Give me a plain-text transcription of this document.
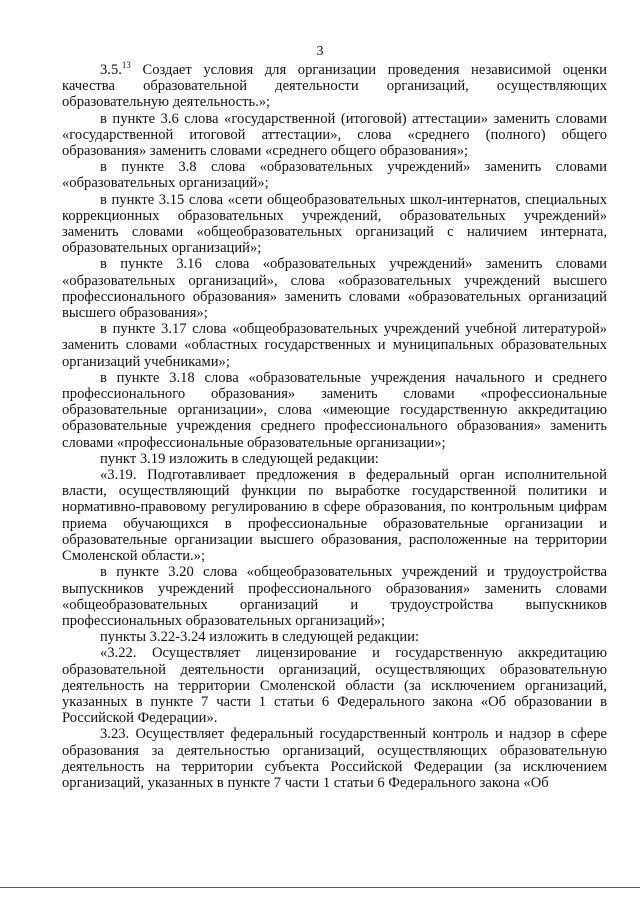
3

3.5.13 Создает условия для организации проведения независимой оценки качества образовательной деятельности организаций, осуществляющих образовательную деятельность.»;

в пункте 3.6 слова «государственной (итоговой) аттестации» заменить словами «государственной итоговой аттестации», слова «среднего (полного) общего образования» заменить словами «среднего общего образования»;

в пункте 3.8 слова «образовательных учреждений» заменить словами «образовательных организаций»;

в пункте 3.15 слова «сети общеобразовательных школ-интернатов, специальных коррекционных образовательных учреждений, образовательных учреждений» заменить словами «общеобразовательных организаций с наличием интерната, образовательных организаций»;

в пункте 3.16 слова «образовательных учреждений» заменить словами «образовательных организаций», слова «образовательных учреждений высшего профессионального образования» заменить словами «образовательных организаций высшего образования»;

в пункте 3.17 слова «общеобразовательных учреждений учебной литературой» заменить словами «областных государственных и муниципальных образовательных организаций учебниками»;

в пункте 3.18 слова «образовательные учреждения начального и среднего профессионального образования» заменить словами «профессиональные образовательные организации», слова «имеющие государственную аккредитацию образовательные учреждения среднего профессионального образования» заменить словами «профессиональные образовательные организации»;

пункт 3.19 изложить в следующей редакции:

«3.19. Подготавливает предложения в федеральный орган исполнительной власти, осуществляющий функции по выработке государственной политики и нормативно-правовому регулированию в сфере образования, по контрольным цифрам приема обучающихся в профессиональные образовательные организации и образовательные организации высшего образования, расположенные на территории Смоленской области.»;

в пункте 3.20 слова «общеобразовательных учреждений и трудоустройства выпускников учреждений профессионального образования» заменить словами «общеобразовательных организаций и трудоустройства выпускников профессиональных образовательных организаций»;

пункты 3.22-3.24 изложить в следующей редакции:

«3.22. Осуществляет лицензирование и государственную аккредитацию образовательной деятельности организаций, осуществляющих образовательную деятельность на территории Смоленской области (за исключением организаций, указанных в пункте 7 части 1 статьи 6 Федерального закона «Об образовании в Российской Федерации».

3.23. Осуществляет федеральный государственный контроль и надзор в сфере образования за деятельностью организаций, осуществляющих образовательную деятельность на территории субъекта Российской Федерации (за исключением организаций, указанных в пункте 7 части 1 статьи 6 Федерального закона «Об
